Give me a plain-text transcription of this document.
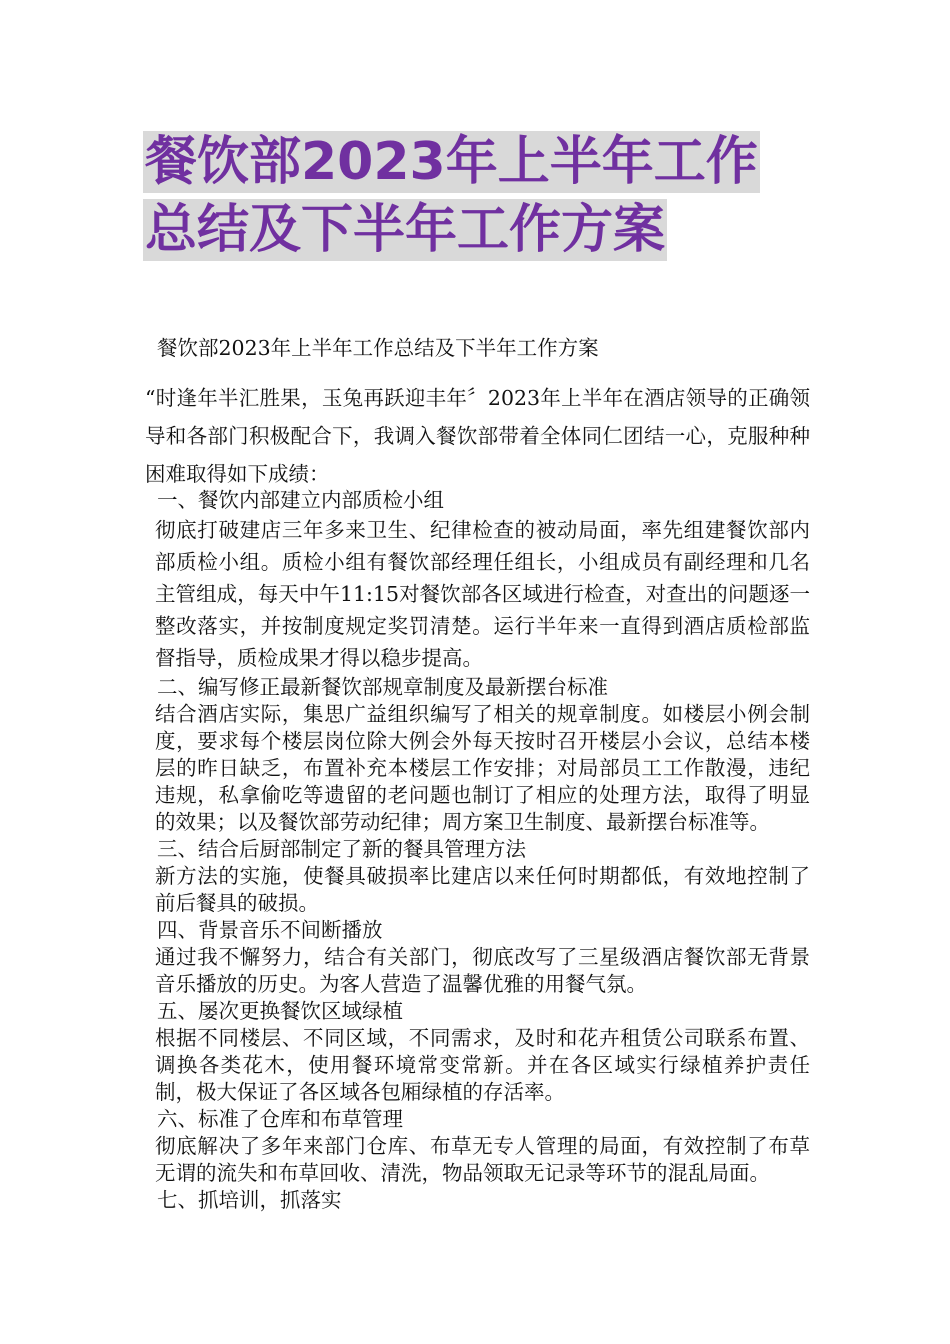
餐饮部2023年上半年工作
总结及下半年工作方案

餐饮部2023年上半年工作总结及下半年工作方案

“时逢年半汇胜果，玉兔再跃迎丰年〞2023年上半年在酒店领导的正确领导和各部门积极配合下，我调入餐饮部带着全体同仁团结一心，克服种种困难取得如下成绩：

一、餐饮内部建立内部质检小组

彻底打破建店三年多来卫生、纪律检查的被动局面，率先组建餐饮部内部质检小组。质检小组有餐饮部经理任组长，小组成员有副经理和几名主管组成，每天中午11:15对餐饮部各区域进行检查，对查出的问题逐一整改落实，并按制度规定奖罚清楚。运行半年来一直得到酒店质检部监督指导，质检成果才得以稳步提高。

二、编写修正最新餐饮部规章制度及最新摆台标准

结合酒店实际，集思广益组织编写了相关的规章制度。如楼层小例会制度，要求每个楼层岗位除大例会外每天按时召开楼层小会议，总结本楼层的昨日缺乏，布置补充本楼层工作安排；对局部员工工作散漫，违纪违规，私拿偷吃等遗留的老问题也制订了相应的处理方法，取得了明显的效果；以及餐饮部劳动纪律；周方案卫生制度、最新摆台标准等。

三、结合后厨部制定了新的餐具管理方法

新方法的实施，使餐具破损率比建店以来任何时期都低，有效地控制了前后餐具的破损。

四、背景音乐不间断播放

通过我不懈努力，结合有关部门，彻底改写了三星级酒店餐饮部无背景音乐播放的历史。为客人营造了温馨优雅的用餐气氛。

五、屡次更换餐饮区域绿植

根据不同楼层、不同区域，不同需求，及时和花卉租赁公司联系布置、调换各类花木，使用餐环境常变常新。并在各区域实行绿植养护责任制，极大保证了各区域各包厢绿植的存活率。

六、标准了仓库和布草管理

彻底解决了多年来部门仓库、布草无专人管理的局面，有效控制了布草无谓的流失和布草回收、清洗，物品领取无记录等环节的混乱局面。

七、抓培训，抓落实
